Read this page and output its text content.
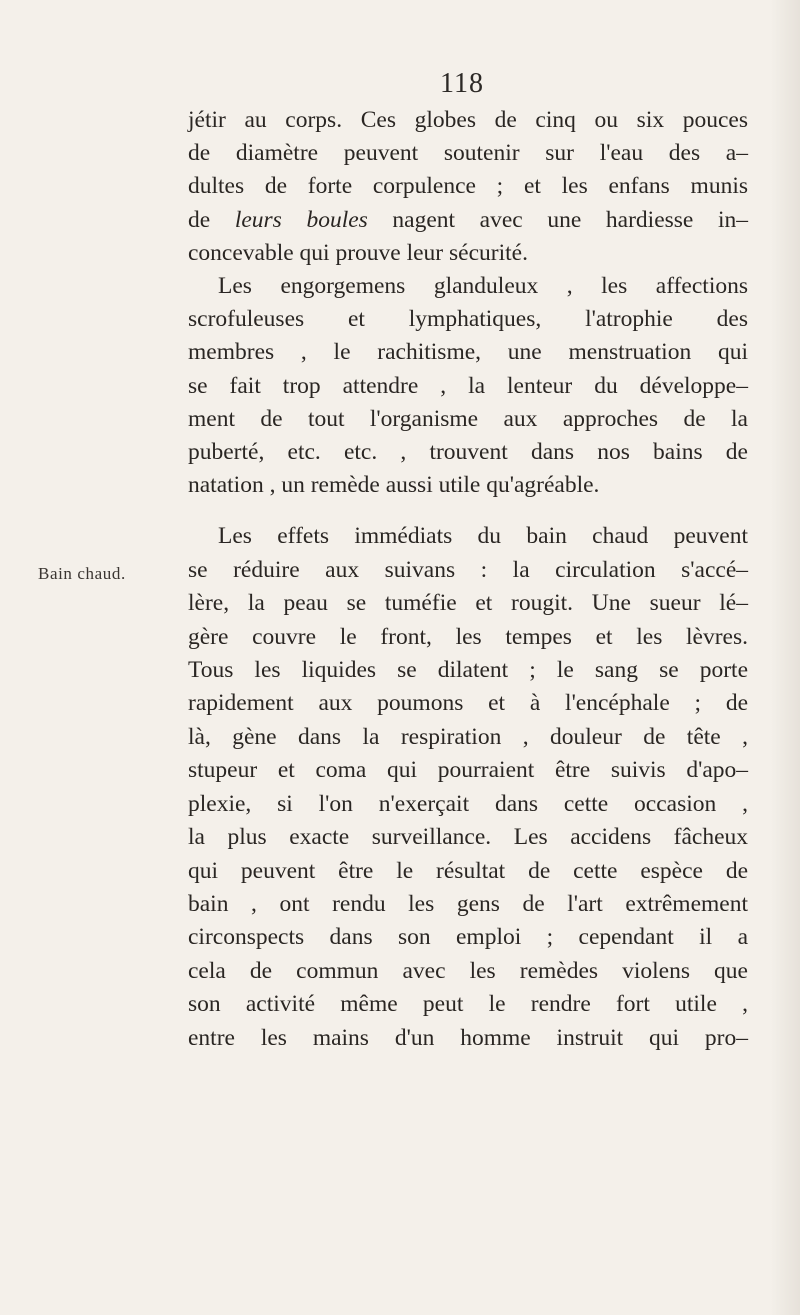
118
Bain chaud.
jétir au corps. Ces globes de cinq ou six pouces
de diamètre peuvent soutenir sur l'eau des a–
dultes de forte corpulence ; et les enfans munis
de leurs boules nagent avec une hardiesse in–
concevable qui prouve leur sécurité.
Les engorgemens glanduleux , les affections
scrofuleuses et lymphatiques, l'atrophie des
membres , le rachitisme, une menstruation qui
se fait trop attendre , la lenteur du développe–
ment de tout l'organisme aux approches de la
puberté, etc. etc. , trouvent dans nos bains de
natation , un remède aussi utile qu'agréable.
Les effets immédiats du bain chaud peuvent
se réduire aux suivans : la circulation s'accé–
lère, la peau se tuméfie et rougit. Une sueur lé–
gère couvre le front, les tempes et les lèvres.
Tous les liquides se dilatent ; le sang se porte
rapidement aux poumons et à l'encéphale ; de
là, gène dans la respiration , douleur de tête ,
stupeur et coma qui pourraient être suivis d'apo–
plexie, si l'on n'exerçait dans cette occasion ,
la plus exacte surveillance. Les accidens fâcheux
qui peuvent être le résultat de cette espèce de
bain , ont rendu les gens de l'art extrêmement
circonspects dans son emploi ; cependant il a
cela de commun avec les remèdes violens que
son activité même peut le rendre fort utile ,
entre les mains d'un homme instruit qui pro–
